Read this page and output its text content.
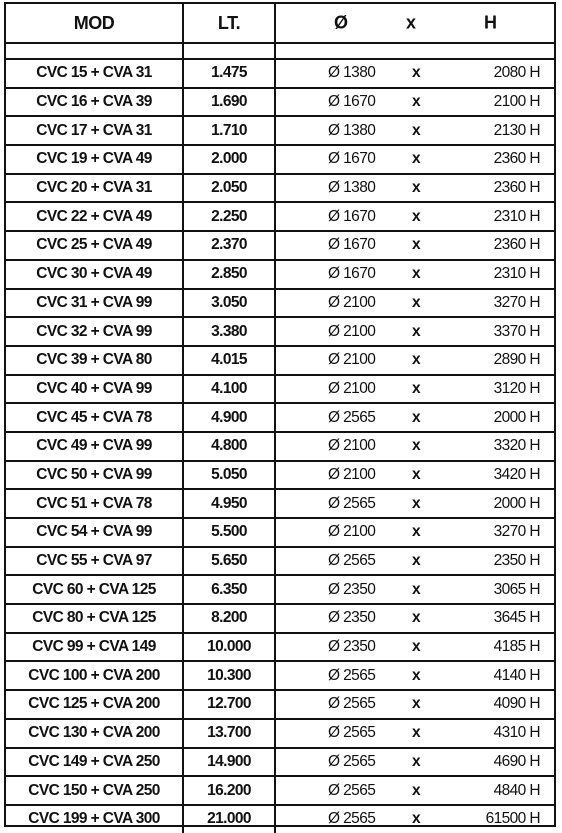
MOD	LT.	Ø x H

CVC 15 + CVA 31	1.475	Ø 1380 x 2080 H

CVC 16 + CVA 39	1.690	Ø 1670 x 2100 H

CVC 17 + CVA 31	1.710	Ø 1380 x 2130 H

CVC 19 + CVA 49	2.000	Ø 1670 x 2360 H

CVC 20 + CVA 31	2.050	Ø 1380 x 2360 H

CVC 22 + CVA 49	2.250	Ø 1670 x 2310 H

CVC 25 + CVA 49	2.370	Ø 1670 x 2360 H

CVC 30 + CVA 49	2.850	Ø 1670 x 2310 H

CVC 31 + CVA 99	3.050	Ø 2100 x 3270 H

CVC 32 + CVA 99	3.380	Ø 2100 x 3370 H

CVC 39 + CVA 80	4.015	Ø 2100 x 2890 H

CVC 40 + CVA 99	4.100	Ø 2100 x 3120 H

CVC 45 + CVA 78	4.900	Ø 2565 x 2000 H

CVC 49 + CVA 99	4.800	Ø 2100 x 3320 H

CVC 50 + CVA 99	5.050	Ø 2100 x 3420 H

CVC 51 + CVA 78	4.950	Ø 2565 x 2000 H

CVC 54 + CVA 99	5.500	Ø 2100 x 3270 H

CVC 55 + CVA 97	5.650	Ø 2565 x 2350 H

CVC 60 + CVA 125	6.350	Ø 2350 x 3065 H

CVC 80 + CVA 125	8.200	Ø 2350 x 3645 H

CVC 99 + CVA 149	10.000	Ø 2350 x 4185 H

CVC 100 + CVA 200	10.300	Ø 2565 x 4140 H

CVC 125 + CVA 200	12.700	Ø 2565 x 4090 H

CVC 130 + CVA 200	13.700	Ø 2565 x 4310 H

CVC 149 + CVA 250	14.900	Ø 2565 x 4690 H

CVC 150 + CVA 250	16.200	Ø 2565 x 4840 H

CVC 199 + CVA 300	21.000	Ø 2565 x 61500 H
